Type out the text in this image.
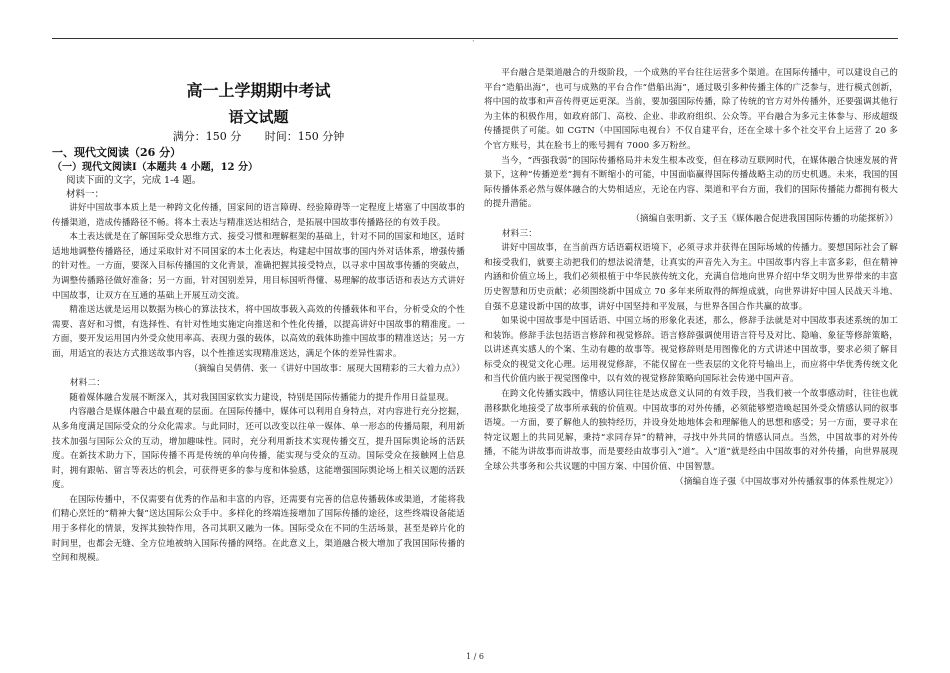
`
高一上学期期中考试
语文试题
满分：150 分 时间：150 分钟
一、现代文阅读（26 分）
（一）现代文阅读Ⅰ（本题共 4 小题，12 分）
阅读下面的文字，完成 1-4 题。
材料一：

讲好中国故事本质上是一种跨文化传播，国家间的语言障碍、经验障碍等一定程度上堵塞了中国故事的传播渠道，造成传播路径不畅。将本土表达与精准送达相结合，是拓展中国故事传播路径的有效手段。

本土表达就是在了解国际受众思维方式、接受习惯和理解框架的基础上，针对不同的国家和地区，适时适地地调整传播路径，通过采取针对不同国家的本土化表达，构建起中国故事的国内外对话体系，增强传播的针对性。一方面，要深入目标传播国的文化背景，准确把握其接受特点，以寻求中国故事传播的突破点，为调整传播路径做好准备；另一方面，针对国别差异，用目标国听得懂、易理解的故事话语和表达方式讲好中国故事，让双方在互通的基础上开展互动交流。

精准送达就是运用以数据为核心的算法技术，将中国故事载入高效的传播载体和平台，分析受众的个性需要、喜好和习惯，有选择性、有针对性地实施定向推送和个性化传播，以提高讲好中国故事的精准度。一方面，要开发运用国内外受众使用率高、表现力强的载体，以高效的载体助推中国故事的精准送达；另一方面，用适宜的表达方式推送故事内容，以个性推送实现精准送达，满足个体的差异性需求。

（摘编自吴倩倩、张一《讲好中国故事：展现大国精彩的三大着力点》）

材料二：

随着媒体融合发展不断深入，其对我国国家软实力建设，特别是国际传播能力的提升作用日益显现。

内容融合是媒体融合中最直观的层面。在国际传播中，媒体可以利用自身特点，对内容进行充分挖掘，从多角度满足国际受众的分众化需求。与此同时，还可以改变以往单一媒体、单一形态的传播局限，利用新技术加强与国际公众的互动，增加趣味性。同时，充分利用新技术实现传播交互，提升国际舆论场的活跃度。在新技术助力下，国际传播不再是传统的单向传播，能实现与受众的互动。国际受众在接触网上信息时，拥有跟帖、留言等表达的机会，可获得更多的参与度和体验感，这能增强国际舆论场上相关议题的活跃度。

在国际传播中，不仅需要有优秀的作品和丰富的内容，还需要有完善的信息传播载体或渠道，才能将我们精心烹饪的“精神大餐”送达国际公众手中。多样化的终端连接增加了国际传播的途径，这些终端设备能适用于多样化的情景，发挥其独特作用，各司其职又融为一体。国际受众在不同的生活场景，甚至是碎片化的时间里，也都会无缝、全方位地被纳入国际传播的网络。在此意义上，渠道融合极大增加了我国国际传播的空间和规模。

平台融合是渠道融合的升级阶段，一个成熟的平台往往运营多个渠道。在国际传播中，可以建设自己的平台“造船出海”，也可与成熟的平台合作“借船出海”，通过吸引多种传播主体的广泛参与，进行模式创新，将中国的故事和声音传得更远更深。当前，要加强国际传播，除了传统的官方对外传播外，还要强调其他行为主体的积极作用，如政府部门、高校、企业、非政府组织、公众等。平台融合为多元主体参与、形成超级传播提供了可能。如 CGTN（中国国际电视台）不仅自建平台，还在全球十多个社交平台上运营了 20 多个官方账号，其在脸书上的账号拥有 7000 多万粉丝。

当今，“西强我弱”的国际传播格局并未发生根本改变，但在移动互联网时代，在媒体融合快速发展的背景下，这种“传播逆差”拥有不断缩小的可能，中国面临赢得国际传播战略主动的历史机遇。未来，我国的国际传播体系必然与媒体融合的大势相适应，无论在内容、渠道和平台方面，我们的国际传播能力都拥有极大的提升潜能。

（摘编自张明新、文子玉《媒体融合促进我国国际传播的功能探析》）

材料三：

讲好中国故事，在当前西方话语霸权语境下，必须寻求并获得在国际场域的传播力。要想国际社会了解和接受我们，就要主动把我们的想法说清楚，让真实的声音先入为主。中国故事内容上丰富多彩，但在精神内涵和价值立场上，我们必须根植于中华民族传统文化，充满自信地向世界介绍中华文明为世界带来的丰富历史智慧和历史贡献；必须围绕新中国成立 70 多年来所取得的辉煌成就，向世界讲好中国人民战天斗地、自强不息建设新中国的故事，讲好中国坚持和平发展，与世界各国合作共赢的故事。

如果说中国故事是中国话语、中国立场的形象化表述，那么，修辞手法就是对中国故事表述系统的加工和装饰。修辞手法包括语言修辞和视觉修辞。语言修辞强调使用语言符号及对比、隐喻、象征等修辞策略，以讲述真实感人的个案、生动有趣的故事等。视觉修辞则是用图像化的方式讲述中国故事，要求必须了解目标受众的视觉文化心理。运用视觉修辞，不能仅留在一些表层的文化符号输出上，而应将中华优秀传统文化和当代价值内嵌于视觉图像中，以有效的视觉修辞策略向国际社会传递中国声音。

在跨文化传播实践中，情感认同往往是达成意义认同的有效手段，当我们被一个故事感动时，往往也就潜移默化地接受了故事所承载的价值观。中国故事的对外传播，必须能够塑造唤起国外受众情感认同的叙事语境。一方面，要了解他人的独特经历，并设身处地地体会和理解他人的思想和感受；另一方面，要寻求在特定议题上的共同见解，秉持“求同存异”的精神，寻找中外共同的情感认同点。当然，中国故事的对外传播，不能为讲故事而讲故事，而是要经由故事引入“道”。入“道”就是经由中国故事的对外传播，向世界展现全球公共事务和公共议题的中国方案、中国价值、中国智慧。

（摘编自连子强《中国故事对外传播叙事的体系性规定》）

1 / 6
